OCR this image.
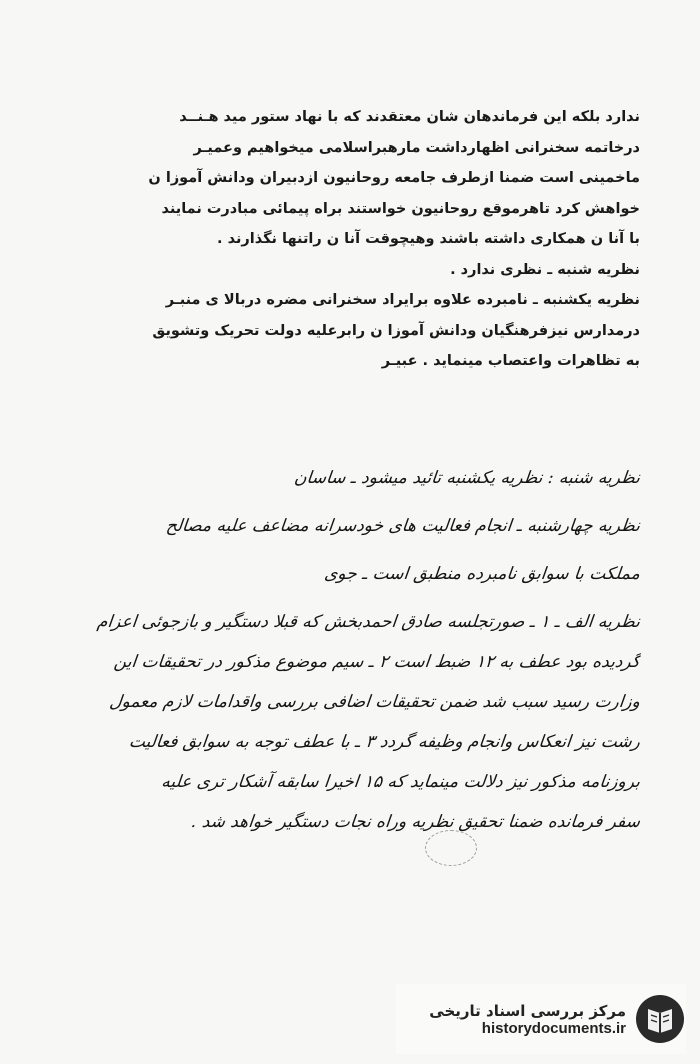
ندارد بلکه این فرماندهان شان معتقدند که با نهاد ستور مید هـنــد
درخاتمه سخنرانی اظهارداشت مارهبراسلامی میخواهیم وعمیـر
ماخمینی است ضمنا ازطرف جامعه روحانیون ازدبیران ودانش آموزا ن
خواهش کرد تاهرموقع روحانیون خواستند براه پیمائی مبادرت نمایند
با آنا ن همکاری داشته باشند وهیچوقت آنا ن راتنها نگذارند .
نظریه شنبه ـ نظری ندارد .
نظریه یکشنبه ـ نامبرده علاوه برایراد سخنرانی مضره دربالا ی منبـر
درمدارس نیزفرهنگیان ودانش آموزا ن رابرعلیه دولت تحریک وتشویق
به تظاهرات واعتصاب مینماید . عبیـر
نظریه شنبه : نظریه یکشنبه تائید میشود ـ ساسان
نظریه چهارشنبه ـ انجام فعالیت های خودسرانه مضاعف علیه مصالح
مملکت با سوابق نامبرده منطبق است ـ جوی
نظریه الف ـ ۱ ـ صورتجلسه صادق احمدبخش که قبلا دستگیر و بازجوئی اعزام
گردیده بود عطف به ۱۲ ضبط است ۲ ـ سیم موضوع مذکور در تحقیقات این
وزارت رسید سبب شد ضمن تحقیقات اضافی بررسی واقدامات لازم معمول
رشت نیز انعکاس وانجام وظیفه گردد ۳ ـ با عطف توجه به سوابق فعالیت
بروزنامه مذکور نیز دلالت مینماید که ۱۵ اخیرا سابقه آشکار تری علیه
سفر فرمانده ضمنا تحقیق نظریه وراه نجات دستگیر خواهد شد .
مرکز بررسی اسناد تاریخی
historydocuments.ir
